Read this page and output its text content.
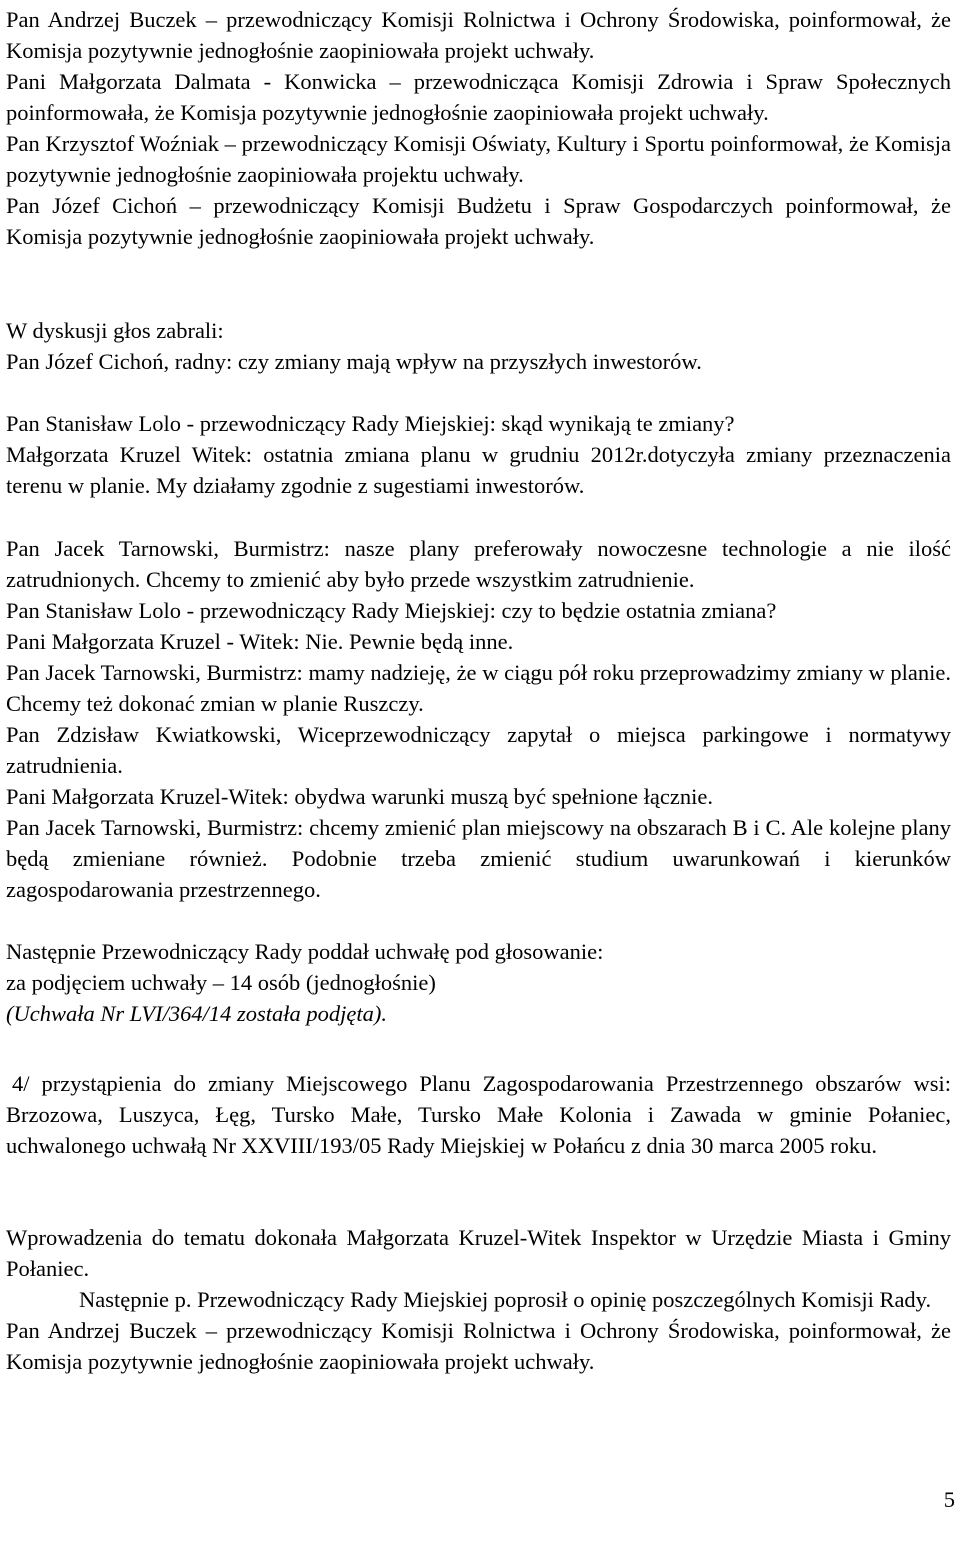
Pan Andrzej Buczek – przewodniczący Komisji Rolnictwa i Ochrony Środowiska, poinformował, że Komisja pozytywnie jednogłośnie zaopiniowała projekt uchwały.

Pani Małgorzata Dalmata - Konwicka – przewodnicząca Komisji Zdrowia i Spraw Społecznych poinformowała, że Komisja pozytywnie jednogłośnie zaopiniowała projekt uchwały.

Pan Krzysztof Woźniak – przewodniczący Komisji Oświaty, Kultury i Sportu poinformował, że Komisja pozytywnie jednogłośnie zaopiniowała projektu uchwały.

Pan Józef Cichoń – przewodniczący Komisji Budżetu i Spraw Gospodarczych poinformował, że Komisja pozytywnie jednogłośnie zaopiniowała projekt uchwały.

W dyskusji głos zabrali:

Pan Józef Cichoń, radny: czy zmiany mają wpływ na przyszłych inwestorów.

Pan Stanisław Lolo - przewodniczący Rady Miejskiej: skąd wynikają te zmiany?

Małgorzata Kruzel Witek: ostatnia zmiana planu w grudniu 2012r.dotyczyła zmiany przeznaczenia terenu w planie. My działamy zgodnie z sugestiami inwestorów.

Pan Jacek Tarnowski, Burmistrz: nasze plany preferowały nowoczesne technologie a nie ilość zatrudnionych. Chcemy to zmienić aby było przede wszystkim zatrudnienie.

Pan Stanisław Lolo - przewodniczący Rady Miejskiej: czy to będzie ostatnia zmiana?

Pani Małgorzata Kruzel - Witek: Nie. Pewnie będą inne.

Pan Jacek Tarnowski, Burmistrz: mamy nadzieję, że w ciągu pół roku przeprowadzimy zmiany w planie. Chcemy też dokonać zmian w planie Ruszczy.

Pan Zdzisław Kwiatkowski, Wiceprzewodniczący zapytał o miejsca parkingowe i normatywy zatrudnienia.

Pani Małgorzata Kruzel-Witek: obydwa warunki muszą być spełnione łącznie.

Pan Jacek Tarnowski, Burmistrz: chcemy zmienić plan miejscowy na obszarach B i C. Ale kolejne plany będą zmieniane również. Podobnie trzeba zmienić studium uwarunkowań i kierunków zagospodarowania przestrzennego.

Następnie Przewodniczący Rady poddał uchwałę pod głosowanie:

za podjęciem uchwały – 14 osób (jednogłośnie)

(Uchwała Nr LVI/364/14 została podjęta).

4/ przystąpienia do zmiany Miejscowego Planu Zagospodarowania Przestrzennego obszarów wsi: Brzozowa, Luszyca, Łęg, Tursko Małe, Tursko Małe Kolonia i Zawada w gminie Połaniec, uchwalonego uchwałą Nr XXVIII/193/05 Rady Miejskiej w Połańcu z dnia 30 marca 2005 roku.

Wprowadzenia do tematu dokonała Małgorzata Kruzel-Witek Inspektor w Urzędzie Miasta i Gminy Połaniec.

Następnie p. Przewodniczący Rady Miejskiej poprosił o opinię poszczególnych Komisji Rady.

Pan Andrzej Buczek – przewodniczący Komisji Rolnictwa i Ochrony Środowiska, poinformował, że Komisja pozytywnie jednogłośnie zaopiniowała projekt uchwały.

5
